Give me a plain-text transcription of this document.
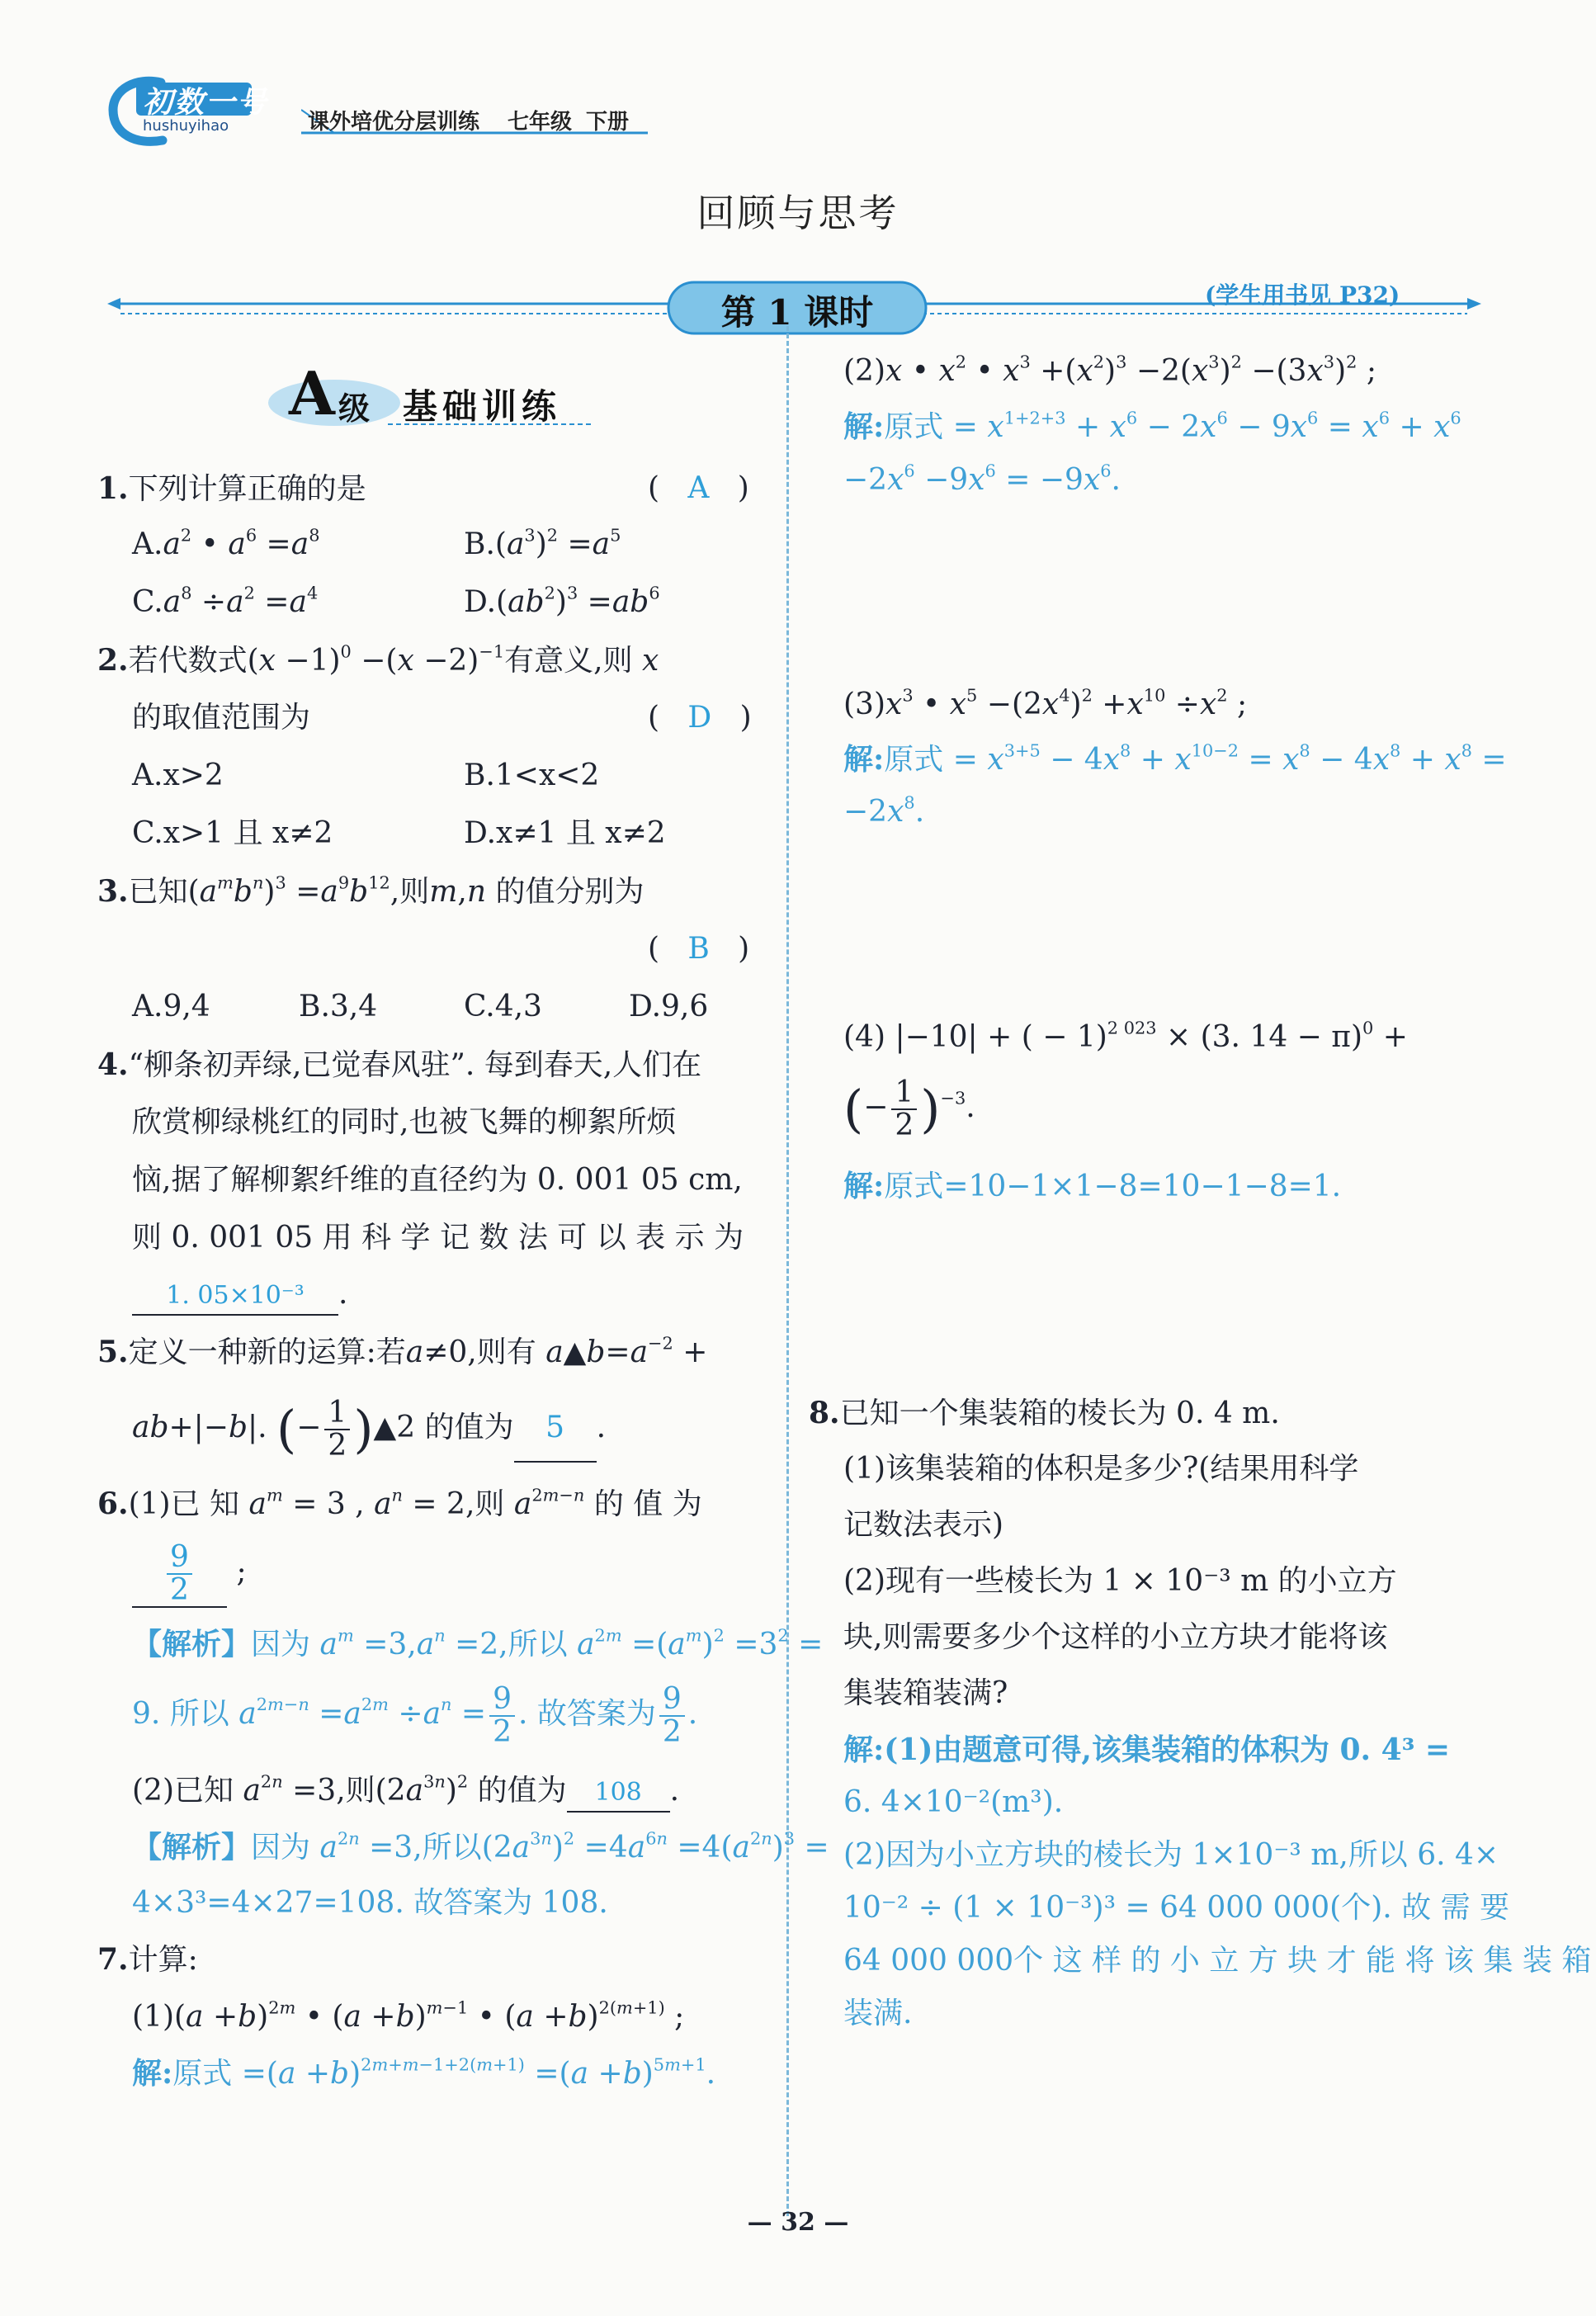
初数一号
hushuyihao	课外培优分层训练 七年级 下册
回顾与思考
第 1 课时	(学生用书见 P32)
A 级 基础训练
1.下列计算正确的是	(   A   )
$A.a^2$ • $a^6 =a^8$	$B.(a^3)^2 =a^5$
$C.a^8 \div a^2 =a^4$	$D.(ab^2)^3 =ab^6$
2.若代数式$(x -1)^0 -(x -2)^{-1}$有意义,则 x
的取值范围为	(   D   )
A.x>2	B.1<x<2
C.x>1 且 x≠2	D.x≠1 且 x≠2
3.已知$(a^mb^n)^3 =a^9b^{12}$,则m,n 的值分别为
(   B   )
A.9,4	B.3,4	C.4,3	D.9,6
4.“柳条初弄绿,已觉春风驻”. 每到春天,人们在
欣赏柳绿桃红的同时,也被飞舞的柳絮所烦
恼,据了解柳絮纤维的直径约为 0. 001 05 cm,
则 0. 001 05 用 科 学 记 数 法 可 以 表 示 为
1. 05×10⁻³ .
5.定义一种新的运算:若a≠0,则有 $a▲b=a^{-2}$ +
ab+|−b|. (− $\frac{1}{2}$ )▲2 的值为 5 .
6.(1)已 知 $a^m = 3$ , $a^n = 2$,则 $a^{2m-n}$ 的 值 为
$\frac{9}{2}$ ;
【解析】因为 $a^m =3,a^n =2$,所以 $a^{2m} =(a^m)^2 =3^2$ =
9. 所以 $a^{2m-n} =a^{2m} \div a^n = \frac{9}{2}$ . 故答案为 $\frac{9}{2}$ .
(2)已知 $a^{2n} =3$,则$(2a^{3n})^2$ 的值为 108 .
【解析】因为 $a^{2n} =3$,所以$(2a^{3n})^2 =4a^{6n} =4(a^{2n})^3$ =
4×3³=4×27=108. 故答案为 108.
7.计算:
$(1)(a +b)^{2m}$ • $(a +b)^{m-1}$ • $(a +b)^{2(m+1)}$ ;
解:原式 $=(a +b)^{2m+m-1+2(m+1)} =(a +b)^{5m+1}$.
(2)x • $x^2$ • $x^3 +(x^2)^3 -2(x^3)^2 -(3x^3)^2$ ;
解:原式 = $x^{1+2+3} + x^6 - 2x^6 - 9x^6 = x^6 + x^6$
$-2x^6 -9x^6 = -9x^6$.
$(3)x^3$ • $x^5 -(2x^4)^2 +x^{10} \div x^2$ ;
解:原式 = $x^{3+5} - 4x^8 + x^{10-2} = x^8 - 4x^8 + x^8$ =
$-2x^8$.
(4) |−10| + ( − 1)$^{2 023}$ × (3. 14 − π)$^0$ +
(− $\frac{1}{2} )^{-3}$.
解:原式=10−1×1−8=10−1−8=1.
8.已知一个集装箱的棱长为 0. 4 m.
(1)该集装箱的体积是多少?(结果用科学
记数法表示)
(2)现有一些棱长为 1 × 10⁻³ m 的小立方
块,则需要多少个这样的小立方块才能将该
集装箱装满?
解:(1)由题意可得,该集装箱的体积为 0. 4³ =
6. 4×10⁻²(m³).
(2)因为小立方块的棱长为 1×10⁻³ m,所以 6. 4×
10⁻² ÷ (1 × 10⁻³)³ = 64 000 000(个). 故 需 要
64 000 000个 这 样 的 小 立 方 块 才 能 将 该 集 装 箱
装满.
— 32 —
